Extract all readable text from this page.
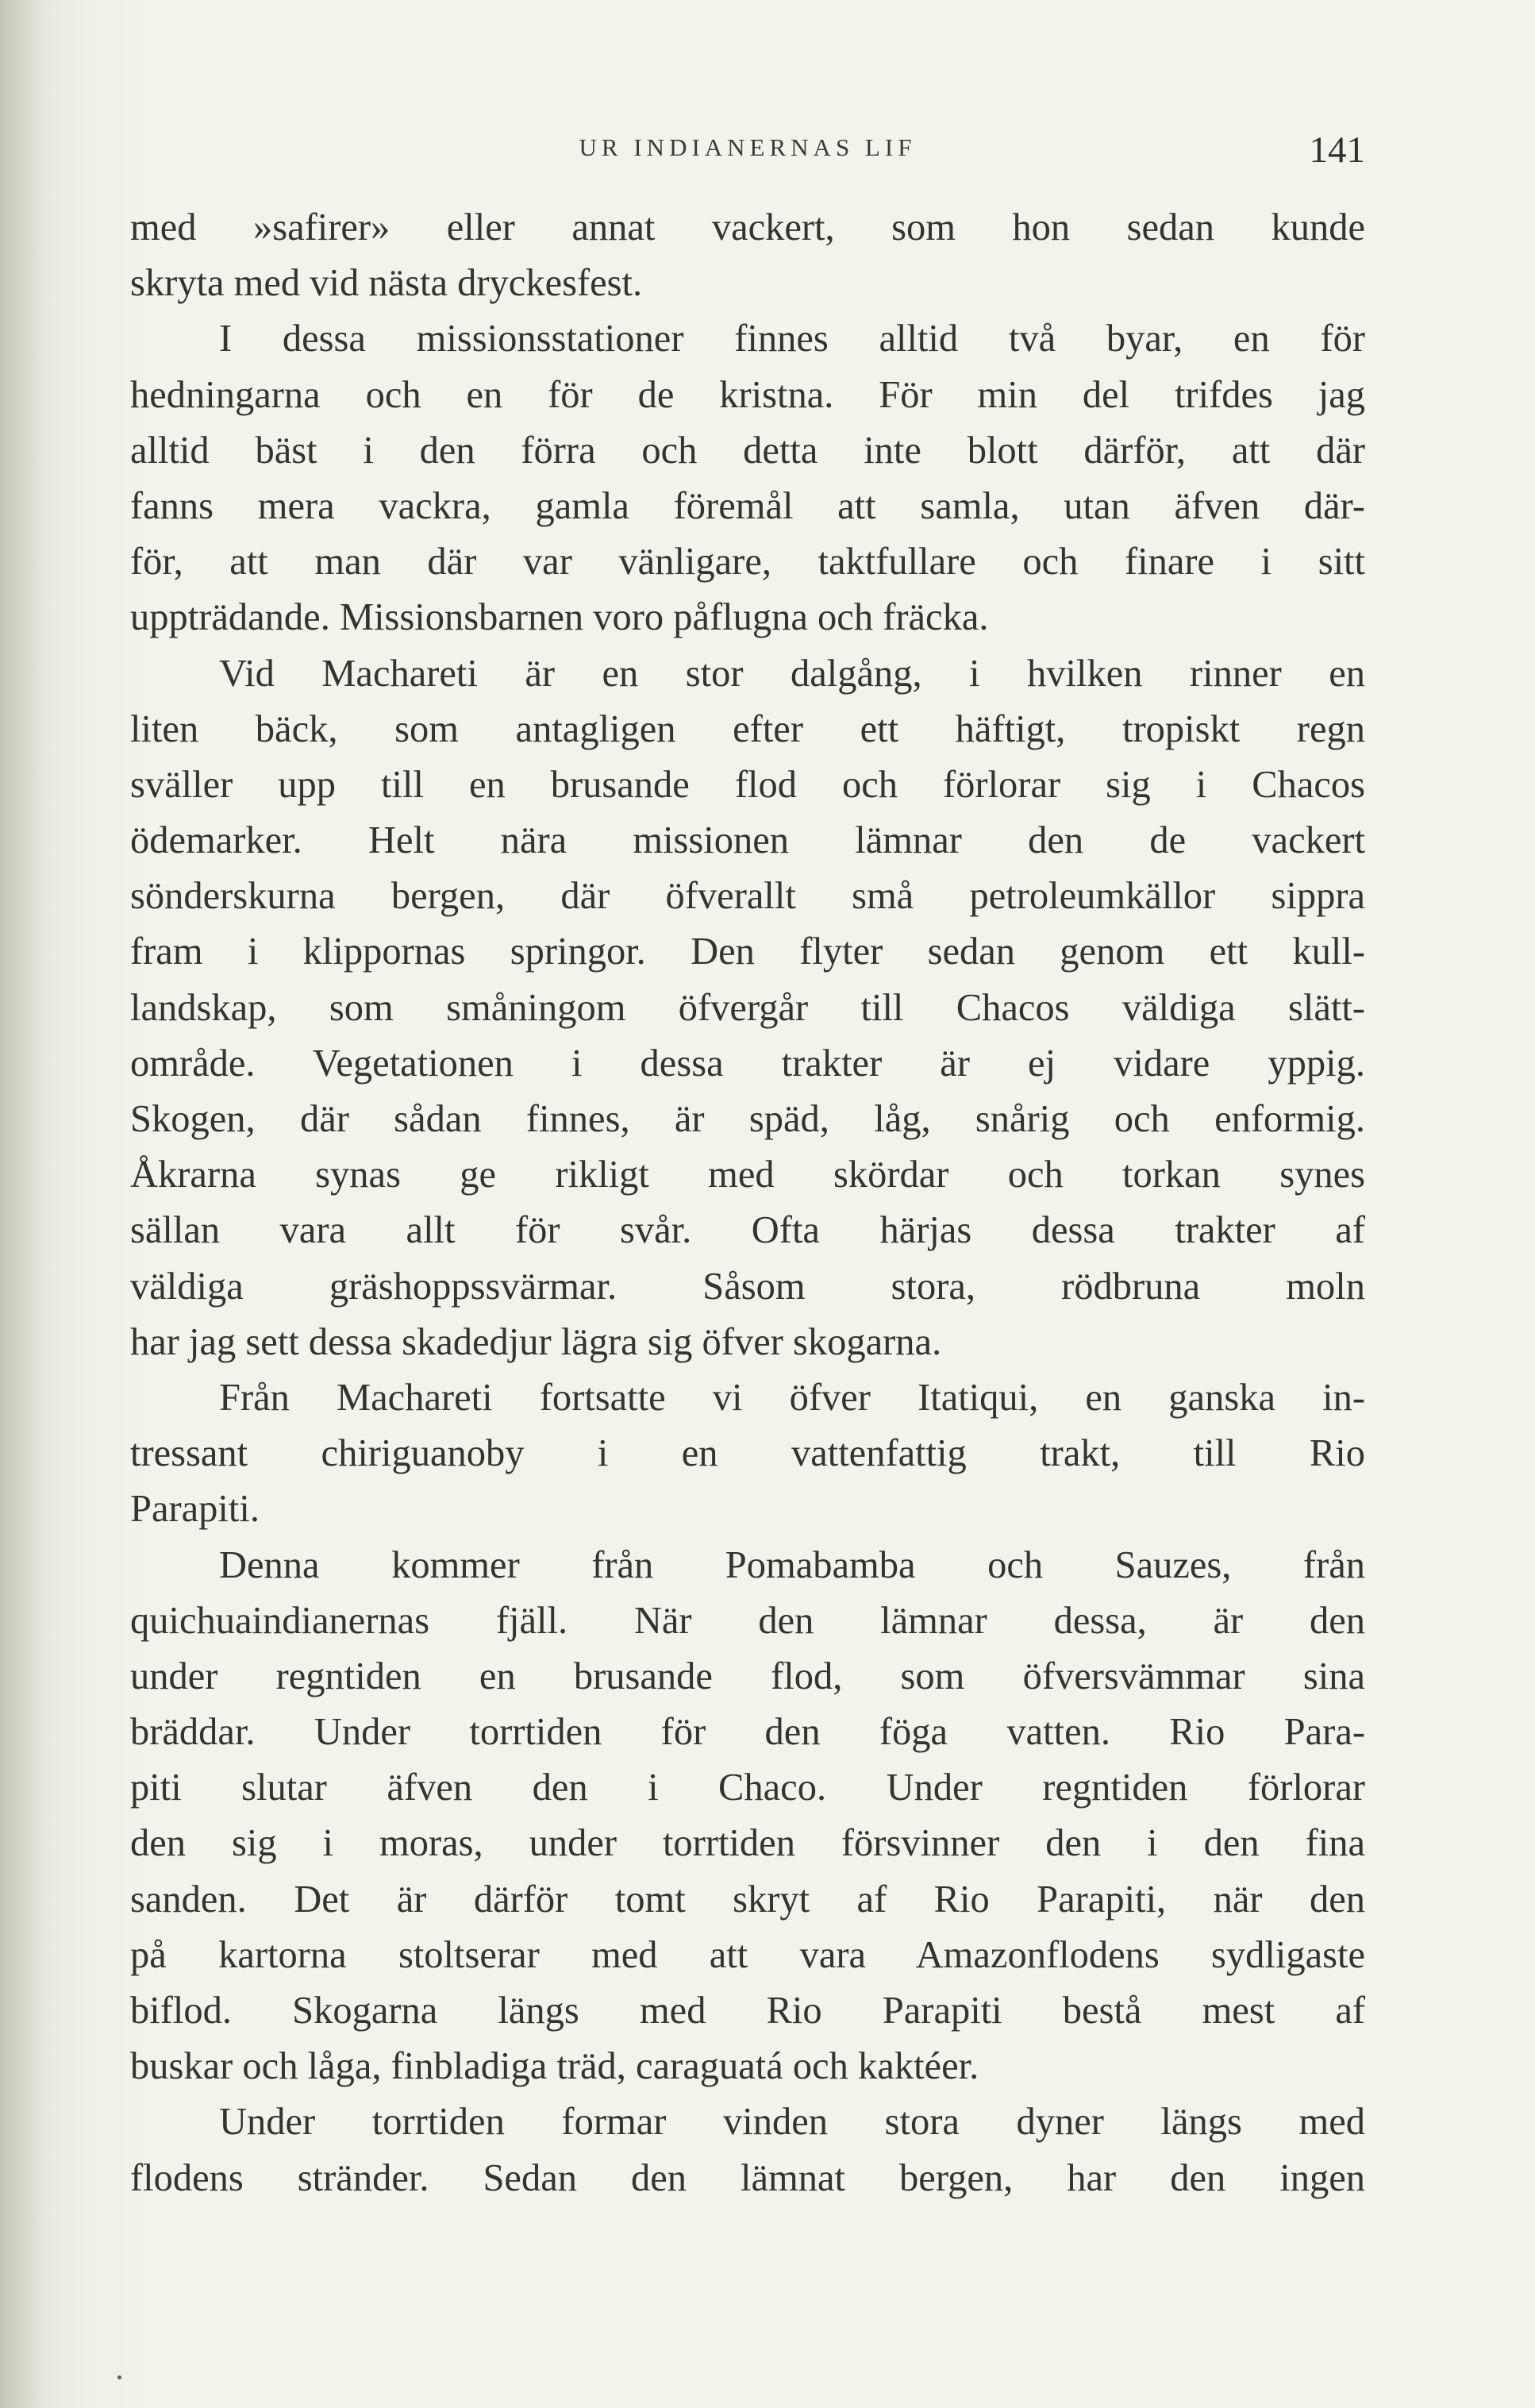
UR INDIANERNAS LIF	141
med »safirer» eller annat vackert, som hon sedan kunde
skryta med vid nästa dryckesfest.
I dessa missionsstationer finnes alltid två byar, en för
hedningarna och en för de kristna. För min del trifdes jag
alltid bäst i den förra och detta inte blott därför, att där
fanns mera vackra, gamla föremål att samla, utan äfven där-
för, att man där var vänligare, taktfullare och finare i sitt
uppträdande. Missionsbarnen voro påflugna och fräcka.
Vid Machareti är en stor dalgång, i hvilken rinner en
liten bäck, som antagligen efter ett häftigt, tropiskt regn
sväller upp till en brusande flod och förlorar sig i Chacos
ödemarker. Helt nära missionen lämnar den de vackert
sönderskurna bergen, där öfverallt små petroleumkällor sippra
fram i klippornas springor. Den flyter sedan genom ett kull-
landskap, som småningom öfvergår till Chacos väldiga slätt-
område. Vegetationen i dessa trakter är ej vidare yppig.
Skogen, där sådan finnes, är späd, låg, snårig och enformig.
Åkrarna synas ge rikligt med skördar och torkan synes
sällan vara allt för svår. Ofta härjas dessa trakter af
väldiga gräshoppssvärmar. Såsom stora, rödbruna moln
har jag sett dessa skadedjur lägra sig öfver skogarna.
Från Machareti fortsatte vi öfver Itatiqui, en ganska in-
tressant chiriguanoby i en vattenfattig trakt, till Rio
Parapiti.
Denna kommer från Pomabamba och Sauzes, från
quichuaindianernas fjäll. När den lämnar dessa, är den
under regntiden en brusande flod, som öfversvämmar sina
bräddar. Under torrtiden för den föga vatten. Rio Para-
piti slutar äfven den i Chaco. Under regntiden förlorar
den sig i moras, under torrtiden försvinner den i den fina
sanden. Det är därför tomt skryt af Rio Parapiti, när den
på kartorna stoltserar med att vara Amazonflodens sydligaste
biflod. Skogarna längs med Rio Parapiti bestå mest af
buskar och låga, finbladiga träd, caraguatá och kaktéer.
Under torrtiden formar vinden stora dyner längs med
flodens stränder. Sedan den lämnat bergen, har den ingen
